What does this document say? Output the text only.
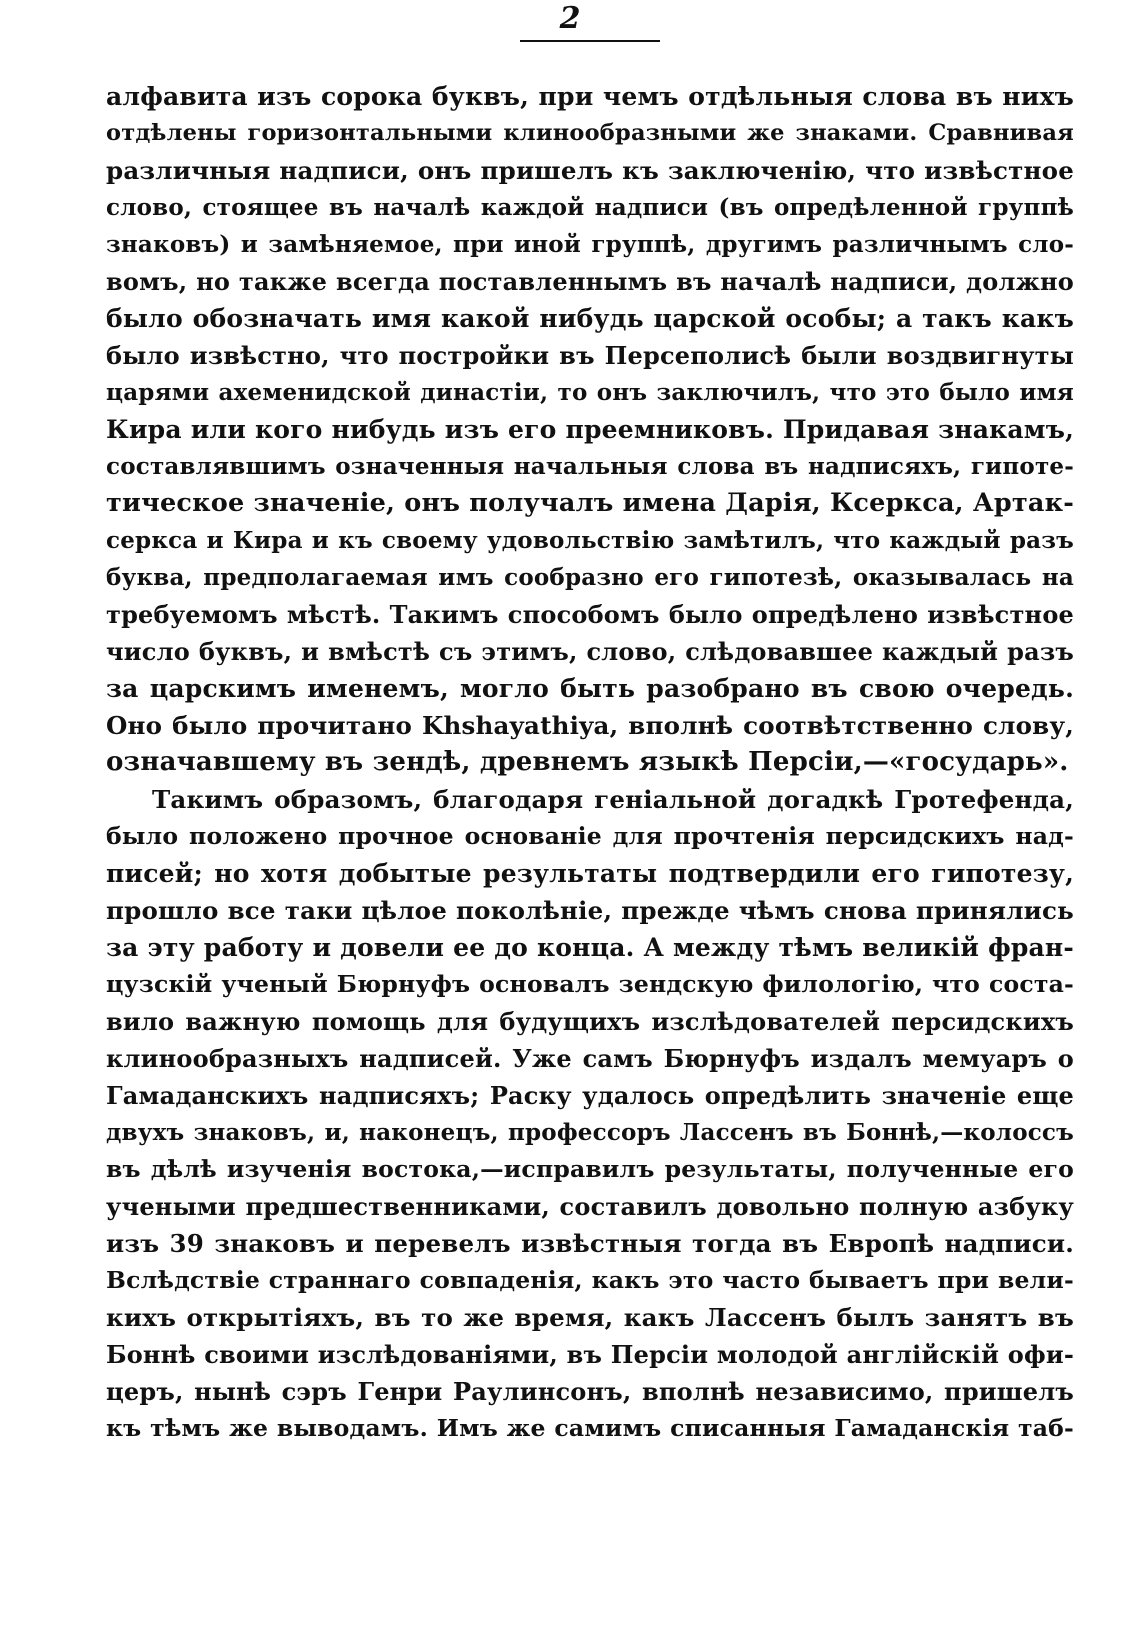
2
алфавита изъ сорока буквъ, при чемъ отдѣльныя слова въ нихъ
отдѣлены горизонтальными клинообразными же знаками. Сравнивая
различныя надписи, онъ пришелъ къ заключенію, что извѣстное
слово, стоящее въ началѣ каждой надписи (въ опредѣленной группѣ
знаковъ) и замѣняемое, при иной группѣ, другимъ различнымъ сло-
вомъ, но также всегда поставленнымъ въ началѣ надписи, должно
было обозначать имя какой нибудь царской особы; а такъ какъ
было извѣстно, что постройки въ Персеполисѣ были воздвигнуты
царями ахеменидской династіи, то онъ заключилъ, что это было имя
Кира или кого нибудь изъ его преемниковъ. Придавая знакамъ,
составлявшимъ означенныя начальныя слова въ надписяхъ, гипоте-
тическое значеніе, онъ получалъ имена Дарія, Ксеркса, Артак-
серкса и Кира и къ своему удовольствію замѣтилъ, что каждый разъ
буква, предполагаемая имъ сообразно его гипотезѣ, оказывалась на
требуемомъ мѣстѣ. Такимъ способомъ было опредѣлено извѣстное
число буквъ, и вмѣстѣ съ этимъ, слово, слѣдовавшее каждый разъ
за царскимъ именемъ, могло быть разобрано въ свою очередь.
Оно было прочитано Khshayathiya, вполнѣ соотвѣтственно слову,
означавшему въ зендѣ, древнемъ языкѣ Персіи,—«государь».
Такимъ образомъ, благодаря геніальной догадкѣ Гротефенда,
было положено прочное основаніе для прочтенія персидскихъ над-
писей; но хотя добытые результаты подтвердили его гипотезу,
прошло все таки цѣлое поколѣніе, прежде чѣмъ снова принялись
за эту работу и довели ее до конца. А между тѣмъ великій фран-
цузскій ученый Бюрнуфъ основалъ зендскую филологію, что соста-
вило важную помощь для будущихъ изслѣдователей персидскихъ
клинообразныхъ надписей. Уже самъ Бюрнуфъ издалъ мемуаръ о
Гамаданскихъ надписяхъ; Раску удалось опредѣлить значеніе еще
двухъ знаковъ, и, наконецъ, профессоръ Лассенъ въ Боннѣ,—колоссъ
въ дѣлѣ изученія востока,—исправилъ результаты, полученные его
учеными предшественниками, составилъ довольно полную азбуку
изъ 39 знаковъ и перевелъ извѣстныя тогда въ Европѣ надписи.
Вслѣдствіе страннаго совпаденія, какъ это часто бываетъ при вели-
кихъ открытіяхъ, въ то же время, какъ Лассенъ былъ занятъ въ
Боннѣ своими изслѣдованіями, въ Персіи молодой англійскій офи-
церъ, нынѣ сэръ Генри Раулинсонъ, вполнѣ независимо, пришелъ
къ тѣмъ же выводамъ. Имъ же самимъ списанныя Гамаданскія таб-
